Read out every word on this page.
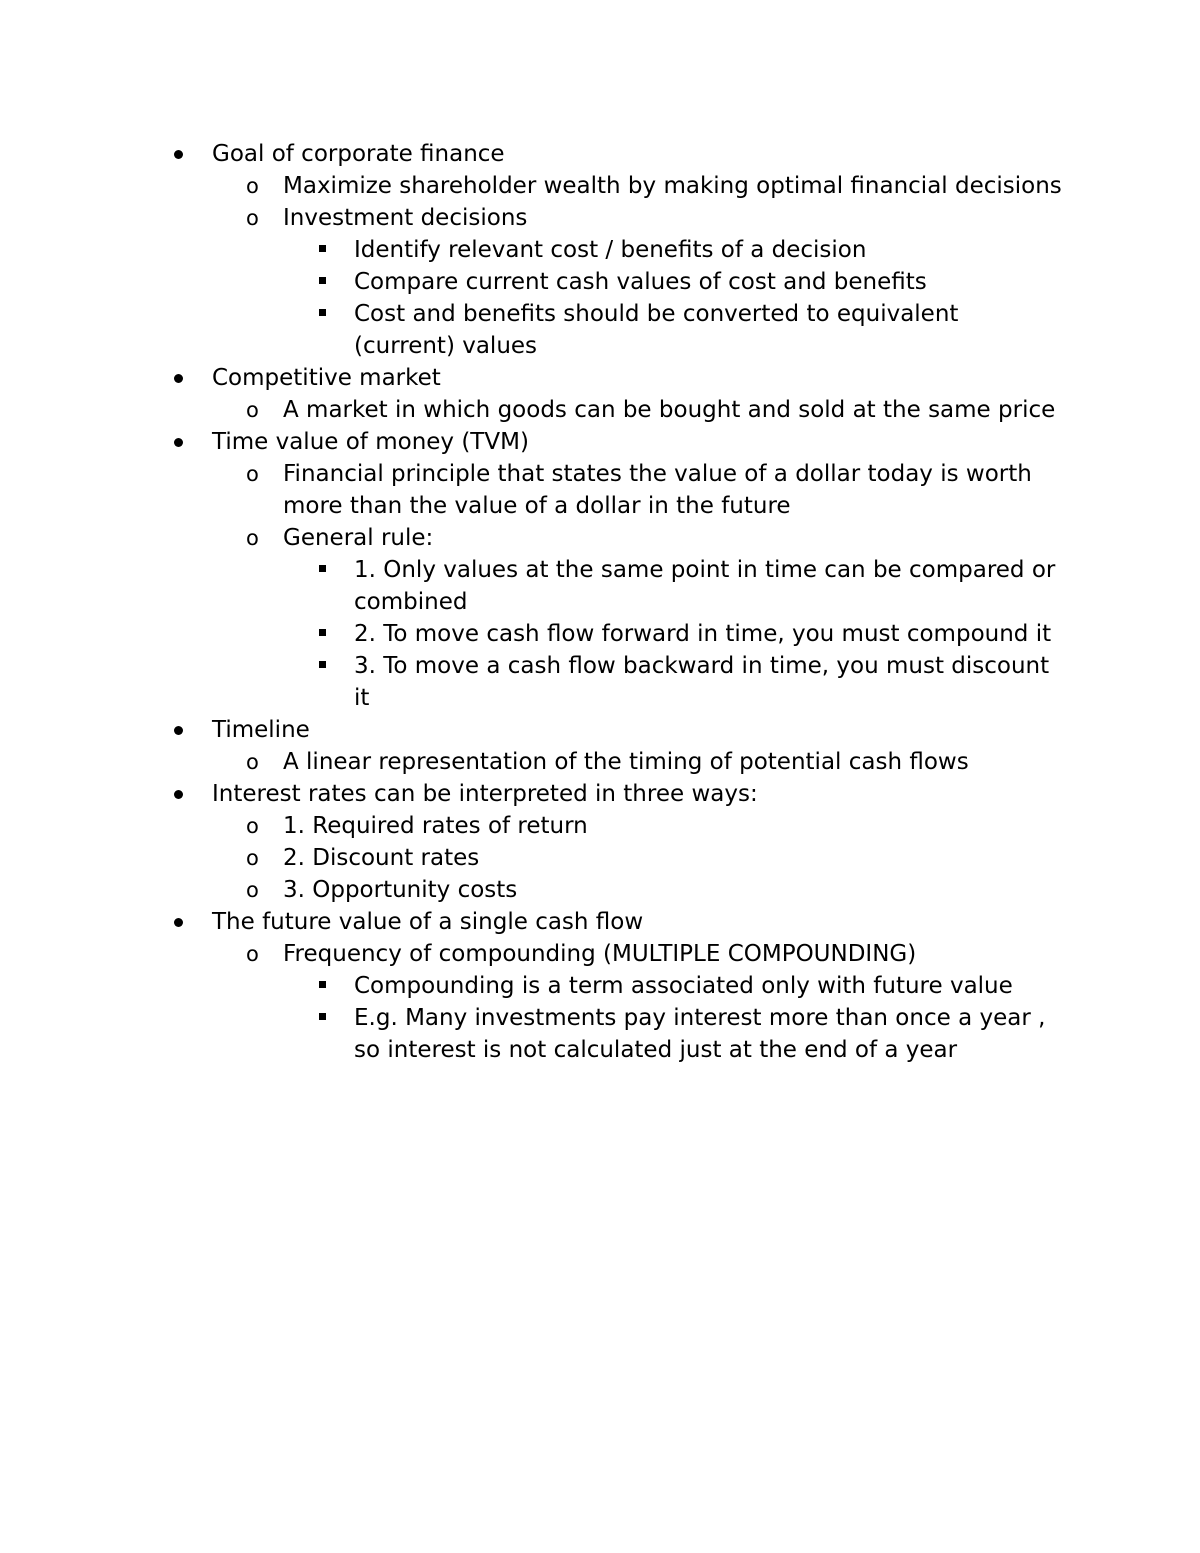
Goal of corporate finance
o Maximize shareholder wealth by making optimal financial decisions
o Investment decisions
Identify relevant cost / benefits of a decision
Compare current cash values of cost and benefits
Cost and benefits should be converted to equivalent (current) values
Competitive market
o A market in which goods can be bought and sold at the same price
Time value of money (TVM)
o Financial principle that states the value of a dollar today is worth more than the value of a dollar in the future
o General rule:
1. Only values at the same point in time can be compared or combined
2. To move cash flow forward in time, you must compound it
3. To move a cash flow backward in time, you must discount it
Timeline
o A linear representation of the timing of potential cash flows
Interest rates can be interpreted in three ways:
o 1. Required rates of return
o 2. Discount rates
o 3. Opportunity costs
The future value of a single cash flow
o Frequency of compounding (MULTIPLE COMPOUNDING)
Compounding is a term associated only with future value
E.g. Many investments pay interest more than once a year , so interest is not calculated just at the end of a year
